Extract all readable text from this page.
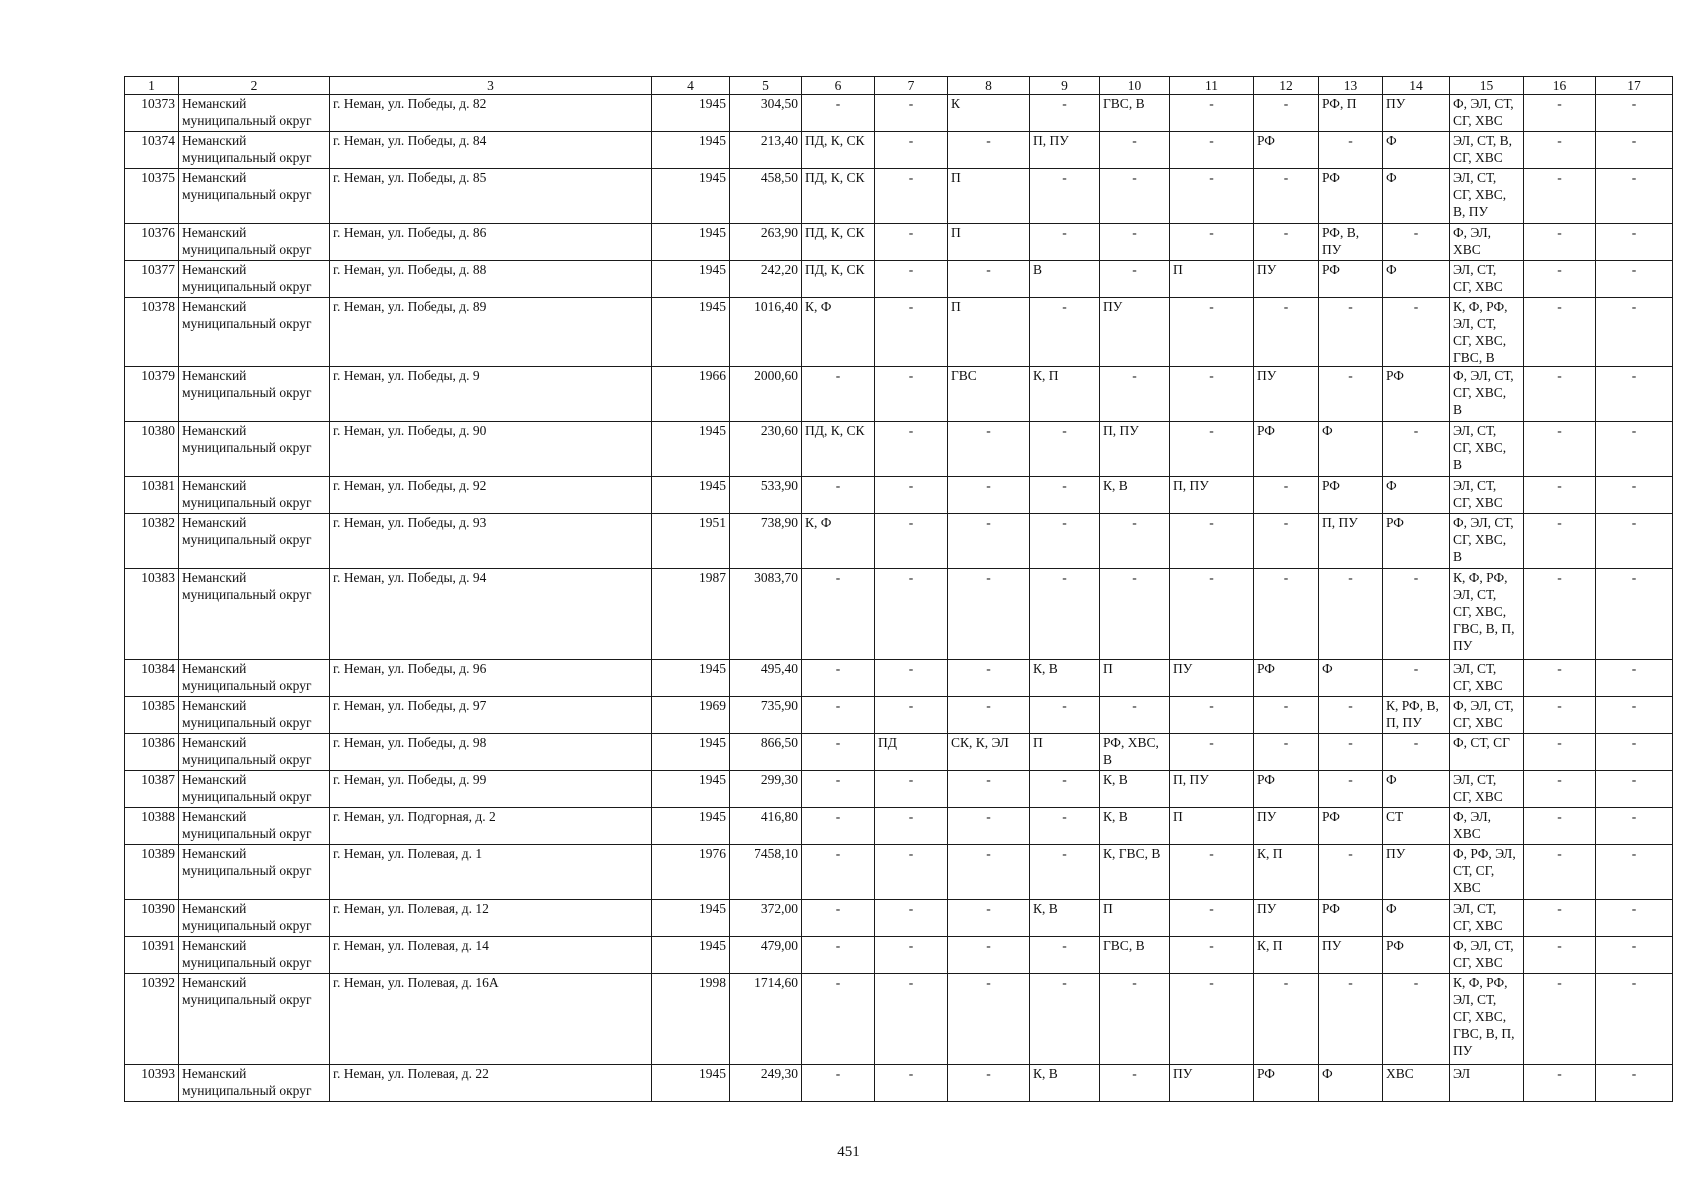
1	2	3	4	5	6	7	8	9	10	11	12	13	14	15	16	17
10373	Неманский
муниципальный округ	г. Неман, ул. Победы, д. 82	1945	304,50	-	-	К	-	ГВС, В	-	-	РФ, П	ПУ	Ф, ЭЛ, СТ,
СГ, ХВС	-	-
10374	Неманский
муниципальный округ	г. Неман, ул. Победы, д. 84	1945	213,40	ПД, К, СК	-	-	П, ПУ	-	-	РФ	-	Ф	ЭЛ, СТ, В,
СГ, ХВС	-	-
10375	Неманский
муниципальный округ	г. Неман, ул. Победы, д. 85	1945	458,50	ПД, К, СК	-	П	-	-	-	-	РФ	Ф	ЭЛ, СТ,
СГ, ХВС,
В, ПУ	-	-
10376	Неманский
муниципальный округ	г. Неман, ул. Победы, д. 86	1945	263,90	ПД, К, СК	-	П	-	-	-	-	РФ, В,
ПУ	-	Ф, ЭЛ,
ХВС	-	-
10377	Неманский
муниципальный округ	г. Неман, ул. Победы, д. 88	1945	242,20	ПД, К, СК	-	-	В	-	П	ПУ	РФ	Ф	ЭЛ, СТ,
СГ, ХВС	-	-
10378	Неманский
муниципальный округ	г. Неман, ул. Победы, д. 89	1945	1016,40	К, Ф	-	П	-	ПУ	-	-	-	-	К, Ф, РФ,
ЭЛ, СТ,
СГ, ХВС,
ГВС, В	-	-
10379	Неманский
муниципальный округ	г. Неман, ул. Победы, д. 9	1966	2000,60	-	-	ГВС	К, П	-	-	ПУ	-	РФ	Ф, ЭЛ, СТ,
СГ, ХВС,
В	-	-
10380	Неманский
муниципальный округ	г. Неман, ул. Победы, д. 90	1945	230,60	ПД, К, СК	-	-	-	П, ПУ	-	РФ	Ф	-	ЭЛ, СТ,
СГ, ХВС,
В	-	-
10381	Неманский
муниципальный округ	г. Неман, ул. Победы, д. 92	1945	533,90	-	-	-	-	К, В	П, ПУ	-	РФ	Ф	ЭЛ, СТ,
СГ, ХВС	-	-
10382	Неманский
муниципальный округ	г. Неман, ул. Победы, д. 93	1951	738,90	К, Ф	-	-	-	-	-	-	П, ПУ	РФ	Ф, ЭЛ, СТ,
СГ, ХВС,
В	-	-
10383	Неманский
муниципальный округ	г. Неман, ул. Победы, д. 94	1987	3083,70	-	-	-	-	-	-	-	-	-	К, Ф, РФ,
ЭЛ, СТ,
СГ, ХВС,
ГВС, В, П,
ПУ	-	-
10384	Неманский
муниципальный округ	г. Неман, ул. Победы, д. 96	1945	495,40	-	-	-	К, В	П	ПУ	РФ	Ф	-	ЭЛ, СТ,
СГ, ХВС	-	-
10385	Неманский
муниципальный округ	г. Неман, ул. Победы, д. 97	1969	735,90	-	-	-	-	-	-	-	-	К, РФ, В,
П, ПУ	Ф, ЭЛ, СТ,
СГ, ХВС	-	-
10386	Неманский
муниципальный округ	г. Неман, ул. Победы, д. 98	1945	866,50	-	ПД	СК, К, ЭЛ	П	РФ, ХВС,
В	-	-	-	-	Ф, СТ, СГ	-	-
10387	Неманский
муниципальный округ	г. Неман, ул. Победы, д. 99	1945	299,30	-	-	-	-	К, В	П, ПУ	РФ	-	Ф	ЭЛ, СТ,
СГ, ХВС	-	-
10388	Неманский
муниципальный округ	г. Неман, ул. Подгорная, д. 2	1945	416,80	-	-	-	-	К, В	П	ПУ	РФ	СТ	Ф, ЭЛ,
ХВС	-	-
10389	Неманский
муниципальный округ	г. Неман, ул. Полевая, д. 1	1976	7458,10	-	-	-	-	К, ГВС, В	-	К, П	-	ПУ	Ф, РФ, ЭЛ,
СТ, СГ,
ХВС	-	-
10390	Неманский
муниципальный округ	г. Неман, ул. Полевая, д. 12	1945	372,00	-	-	-	К, В	П	-	ПУ	РФ	Ф	ЭЛ, СТ,
СГ, ХВС	-	-
10391	Неманский
муниципальный округ	г. Неман, ул. Полевая, д. 14	1945	479,00	-	-	-	-	ГВС, В	-	К, П	ПУ	РФ	Ф, ЭЛ, СТ,
СГ, ХВС	-	-
10392	Неманский
муниципальный округ	г. Неман, ул. Полевая, д. 16А	1998	1714,60	-	-	-	-	-	-	-	-	-	К, Ф, РФ,
ЭЛ, СТ,
СГ, ХВС,
ГВС, В, П,
ПУ	-	-
10393	Неманский
муниципальный округ	г. Неман, ул. Полевая, д. 22	1945	249,30	-	-	-	К, В	-	ПУ	РФ	Ф	ХВС	ЭЛ	-	-
451
